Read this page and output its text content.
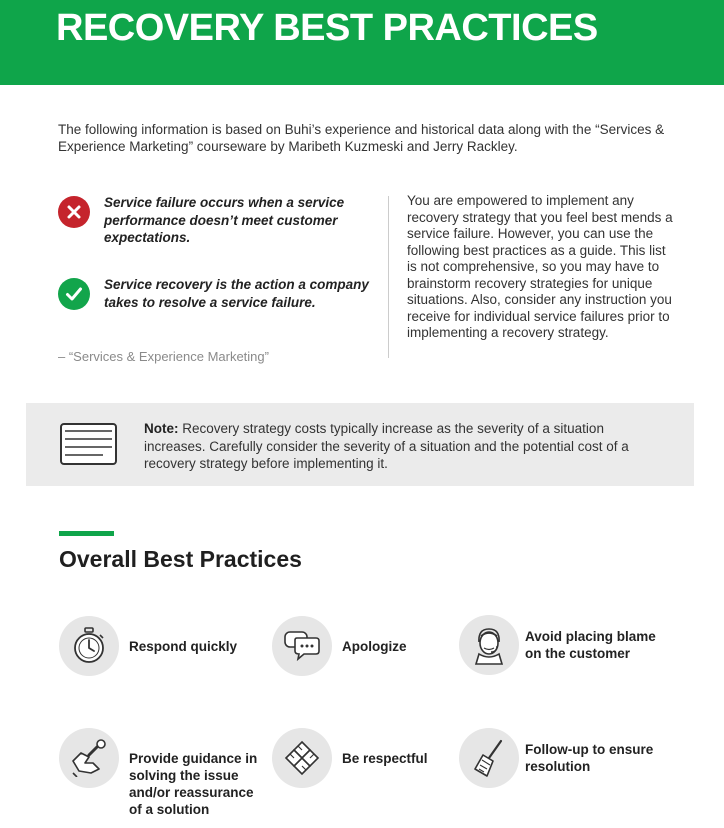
RECOVERY BEST PRACTICES

The following information is based on Buhi’s experience and historical data along with the “Services & Experience Marketing” courseware by Maribeth Kuzmeski and Jerry Rackley.

Service failure occurs when a service performance doesn’t meet customer expectations.
Service recovery is the action a company takes to resolve a service failure.

– “Services & Experience Marketing”

You are empowered to implement any recovery strategy that you feel best mends a service failure. However, you can use the following best practices as a guide. This list is not comprehensive, so you may have to brainstorm recovery strategies for unique situations. Also, consider any instruction you receive for individual service failures prior to implementing a recovery strategy.

Note: Recovery strategy costs typically increase as the severity of a situation increases. Carefully consider the severity of a situation and the potential cost of a recovery strategy before implementing it.

Overall Best Practices
Respond quickly	Apologize
Avoid placing blame on the customer
Provide guidance in solving the issue and/or reassurance of a solution
Be respectful
Follow-up to ensure resolution
